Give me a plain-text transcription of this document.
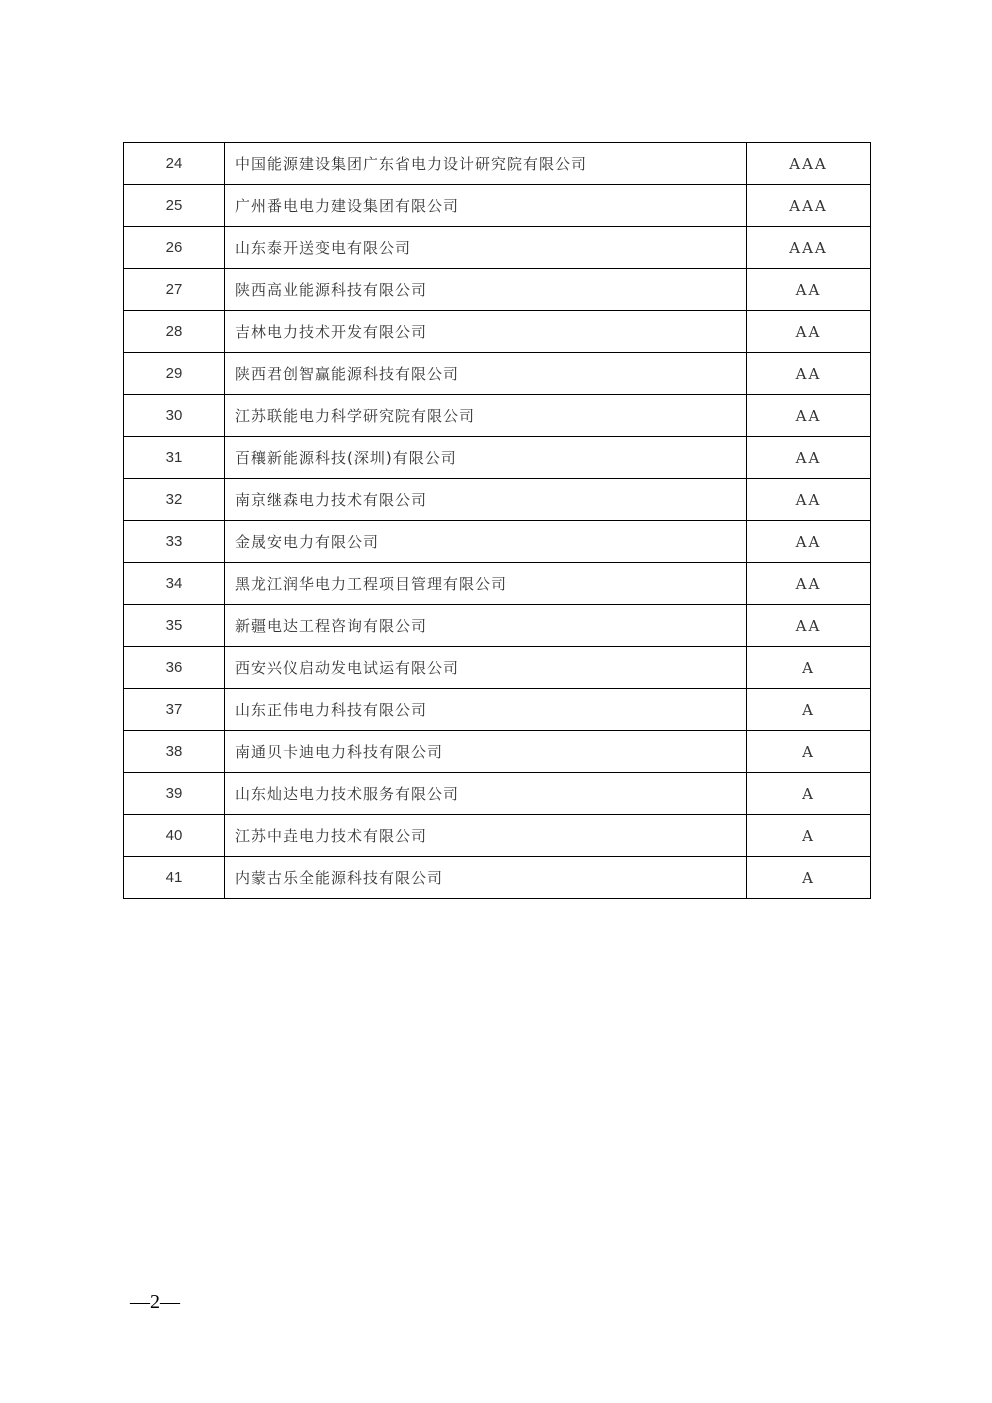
24	中国能源建设集团广东省电力设计研究院有限公司	AAA
25	广州番电电力建设集团有限公司	AAA
26	山东泰开送变电有限公司	AAA
27	陕西高业能源科技有限公司	AA
28	吉林电力技术开发有限公司	AA
29	陕西君创智赢能源科技有限公司	AA
30	江苏联能电力科学研究院有限公司	AA
31	百穰新能源科技(深圳)有限公司	AA
32	南京继森电力技术有限公司	AA
33	金晟安电力有限公司	AA
34	黑龙江润华电力工程项目管理有限公司	AA
35	新疆电达工程咨询有限公司	AA
36	西安兴仪启动发电试运有限公司	A
37	山东正伟电力科技有限公司	A
38	南通贝卡迪电力科技有限公司	A
39	山东灿达电力技术服务有限公司	A
40	江苏中垚电力技术有限公司	A
41	内蒙古乐全能源科技有限公司	A
—2—
